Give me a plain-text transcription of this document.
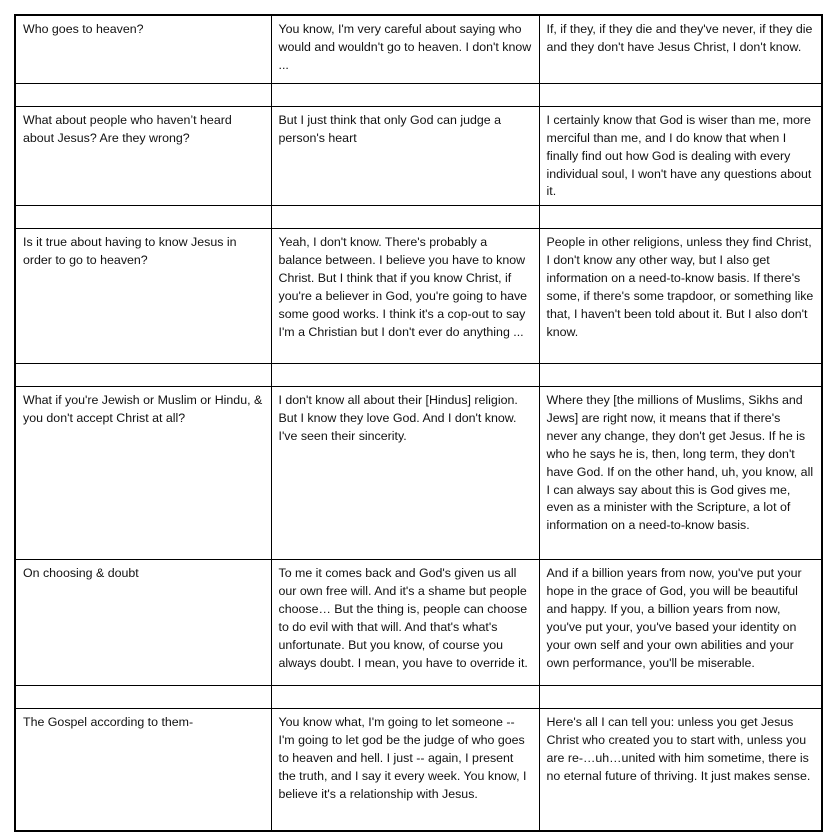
Who goes to heaven?	You know, I'm very careful about saying who would and wouldn't go to heaven. I don't know ...	If, if they, if they die and they've never, if they die and they don't have Jesus Christ, I don't know.

What about people who haven’t heard about Jesus? Are they wrong?	But I just think that only God can judge a person's heart	I certainly know that God is wiser than me, more merciful than me, and I do know that when I finally find out how God is dealing with every individual soul, I won't have any questions about it.

Is it true about having to know Jesus in order to go to heaven?	Yeah, I don't know. There's probably a balance between. I believe you have to know Christ. But I think that if you know Christ, if you're a believer in God, you're going to have some good works. I think it's a cop-out to say I'm a Christian but I don't ever do anything ...	People in other religions, unless they find Christ, I don't know any other way, but I also get information on a need-to-know basis. If there's some, if there's some trapdoor, or something like that, I haven't been told about it. But I also don't know.

What if you're Jewish or Muslim or Hindu, & you don't accept Christ at all?	I don't know all about their [Hindus] religion. But I know they love God. And I don't know. I've seen their sincerity.	Where they [the millions of Muslims, Sikhs and Jews] are right now, it means that if there's never any change, they don't get Jesus. If he is who he says he is, then, long term, they don't have God. If on the other hand, uh, you know, all I can always say about this is God gives me, even as a minister with the Scripture, a lot of information on a need-to-know basis.
On choosing & doubt	To me it comes back and God's given us all our own free will. And it's a shame but people choose… But the thing is, people can choose to do evil with that will. And that's what's unfortunate. But you know, of course you always doubt. I mean, you have to override it.	And if a billion years from now, you've put your hope in the grace of God, you will be beautiful and happy. If you, a billion years from now, you've put your, you've based your identity on your own self and your own abilities and your own performance, you'll be miserable.

The Gospel according to them-	You know what, I'm going to let someone -- I'm going to let god be the judge of who goes to heaven and hell. I just -- again, I present the truth, and I say it every week. You know, I believe it's a relationship with Jesus.	Here's all I can tell you: unless you get Jesus Christ who created you to start with, unless you are re-…uh…united with him sometime, there is no eternal future of thriving. It just makes sense.
